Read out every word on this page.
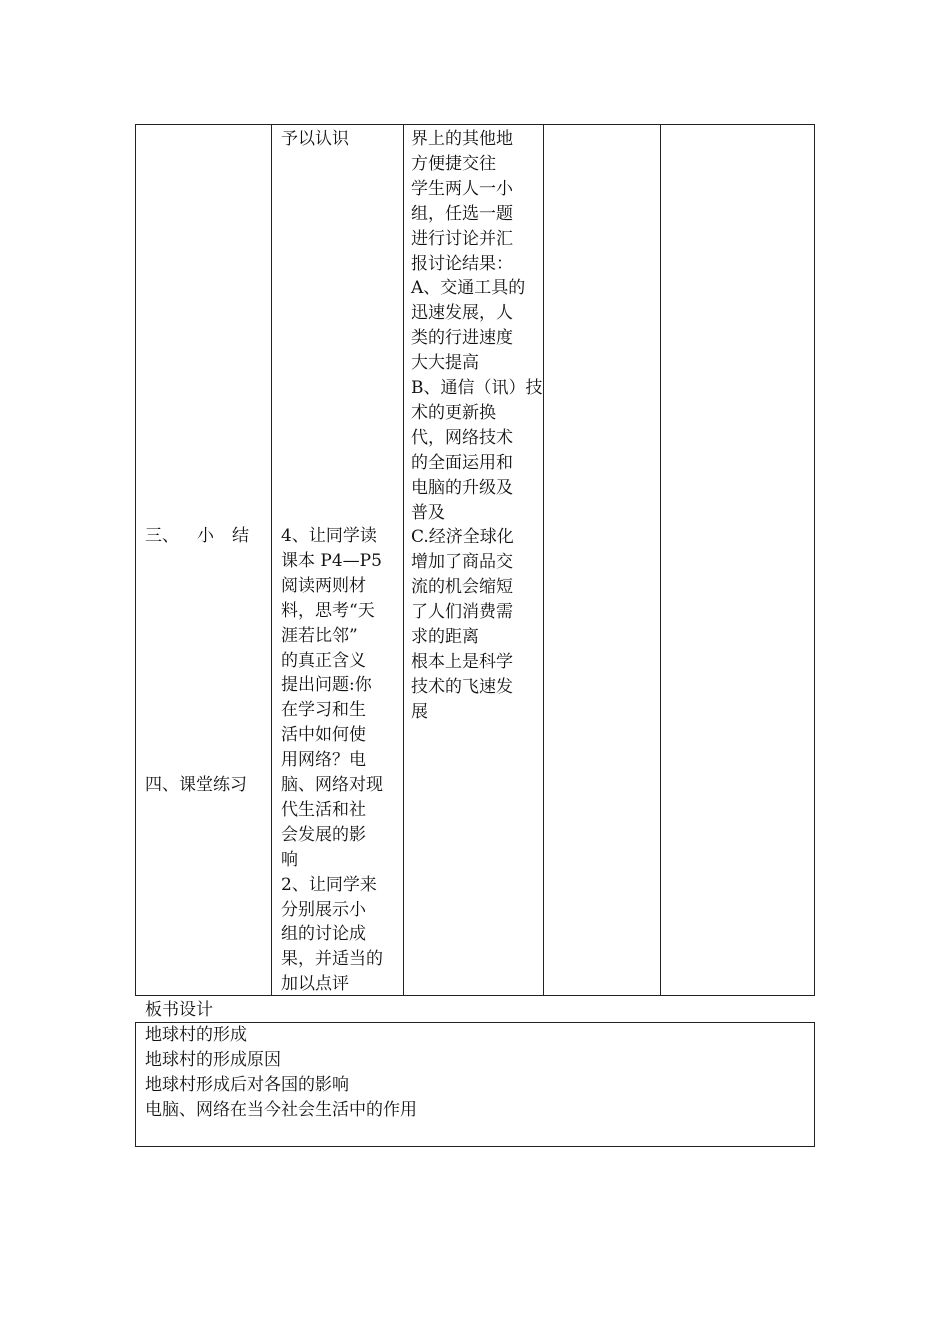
三、 小 结
四、课堂练习
予以认识
4、让同学读
课本 P4—P5
阅读两则材
料，思考“天
涯若比邻”
的真正含义
提出问题:你
在学习和生
活中如何使
用网络？电
脑、网络对现
代生活和社
会发展的影
响
2、让同学来
分别展示小
组的讨论成
果，并适当的
加以点评
界上的其他地
方便捷交往
学生两人一小
组，任选一题
进行讨论并汇
报讨论结果：
A、交通工具的
迅速发展，人
类的行进速度
大大提高
B、通信（讯）技
术的更新换
代，网络技术
的全面运用和
电脑的升级及
普及
C.经济全球化
增加了商品交
流的机会缩短
了人们消费需
求的距离
根本上是科学
技术的飞速发
展
板书设计
地球村的形成
地球村的形成原因
地球村形成后对各国的影响
电脑、网络在当今社会生活中的作用
